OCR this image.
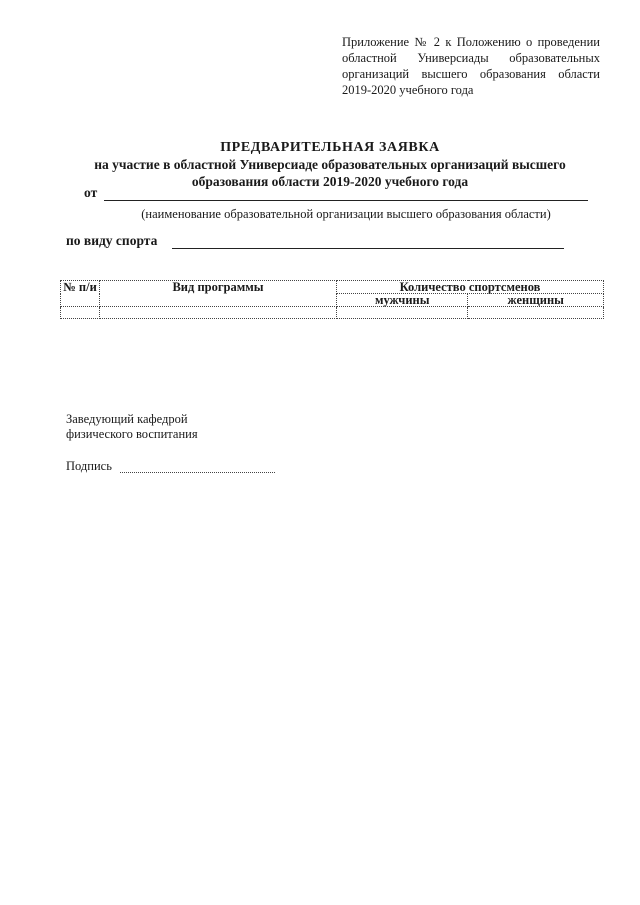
Приложение № 2 к Положению о проведении областной Универсиады образовательных организаций высшего образования области 2019-2020 учебного года
ПРЕДВАРИТЕЛЬНАЯ ЗАЯВКА
на участие в областной Универсиаде образовательных организаций высшего образования области 2019-2020 учебного года
от
(наименование образовательной организации высшего образования области)
по виду спорта
№ п/и	Вид программы	Количество спортсменов	
		мужчины	женщины

Заведующий кафедрой
физического воспитания
Подпись
